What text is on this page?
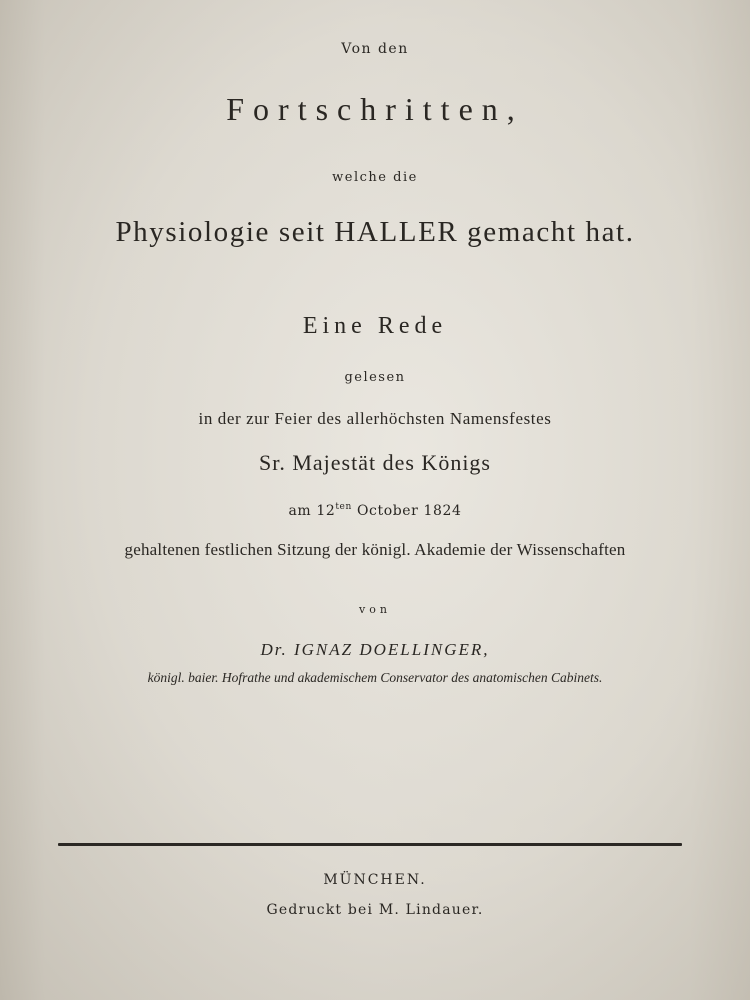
Von den
Fortschritten,
welche die
Physiologie seit HALLER gemacht hat.
Eine Rede
gelesen
in der zur Feier des allerhöchsten Namensfestes
Sr. Majestät des Königs
am $12^{ten}$ October 1824
gehaltenen festlichen Sitzung der königl. Akademie der Wissenschaften
von
Dr. IGNAZ DOELLINGER,
königl. baier. Hofrathe und akademischem Conservator des anatomischen Cabinets.
MÜNCHEN.
Gedruckt bei M. Lindauer.
